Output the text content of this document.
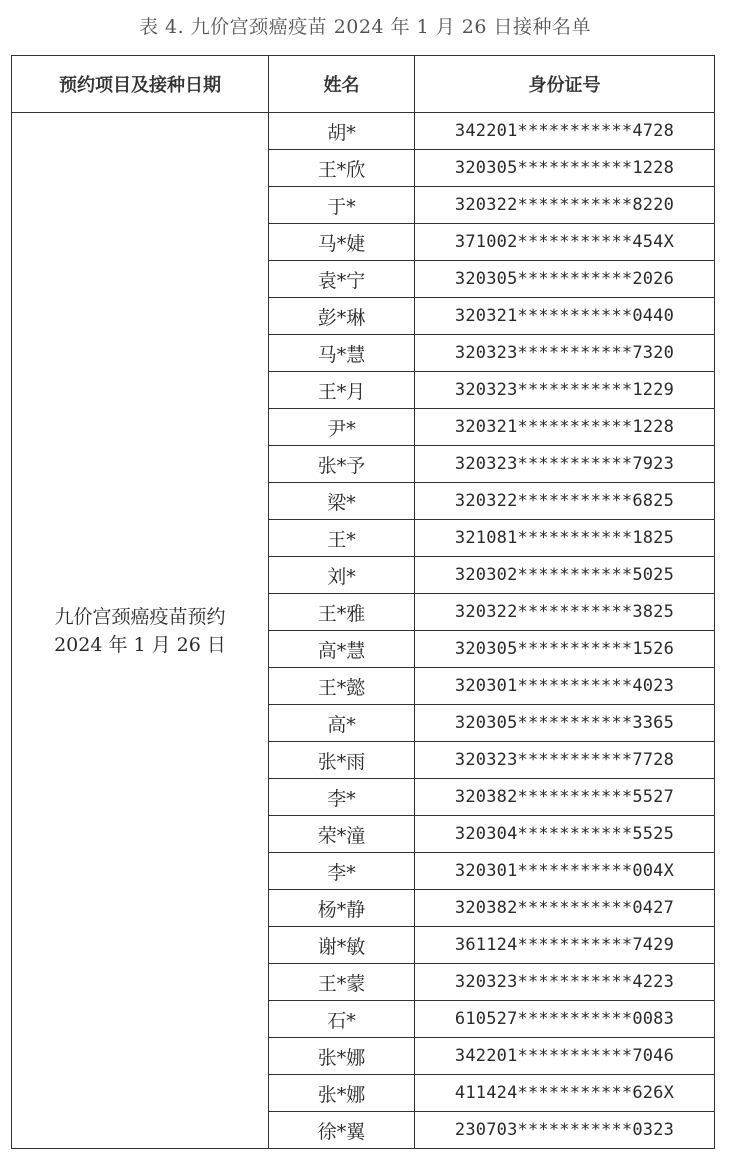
表 4. 九价宫颈癌疫苗 2024 年 1 月 26 日接种名单
预约项目及接种日期	姓名	身份证号

九价宫颈癌疫苗预约
2024 年 1 月 26 日	胡*	342201***********4728
	王*欣	320305***********1228
	于*	320322***********8220
	马*婕	371002***********454X
	袁*宁	320305***********2026
	彭*琳	320321***********0440
	马*慧	320323***********7320
	王*月	320323***********1229
	尹*	320321***********1228
	张*予	320323***********7923
	梁*	320322***********6825
	王*	321081***********1825
	刘*	320302***********5025
	王*雅	320322***********3825
	高*慧	320305***********1526
	王*懿	320301***********4023
	高*	320305***********3365
	张*雨	320323***********7728
	李*	320382***********5527
	荣*潼	320304***********5525
	李*	320301***********004X
	杨*静	320382***********0427
	谢*敏	361124***********7429
	王*蒙	320323***********4223
	石*	610527***********0083
	张*娜	342201***********7046
	张*娜	411424***********626X
	徐*翼	230703***********0323
